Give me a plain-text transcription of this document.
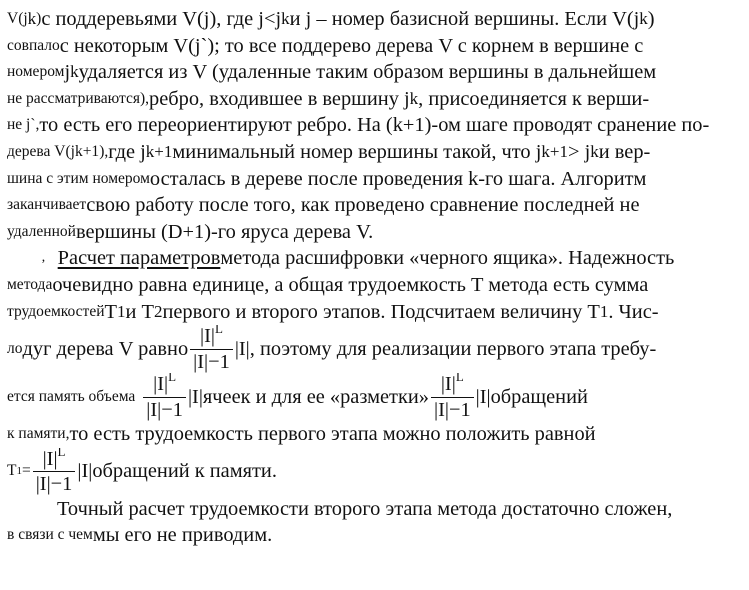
V(j k ) с поддеревьями V(j), где j<j k и j – номер базисной вершины. Если V(j k )
совпало с некоторым V(j`); то все поддерево дерева V с корнем в вершине с
номером j k удаляется из V (удаленные таким образом вершины в дальнейшем
не рассматриваются), ребро, входившее в вершину j k , присоединяется к верши-
не j`, то есть его переориентируют ребро. На (k+1)-ом шаге проводят сранение по-
дерева V(j k+1 ), где j k+1 минимальный номер вершины такой, что j k+1 > j k и вер-
шина с этим номером осталась в дереве после проведения k-го шага. Алгоритм
заканчивает свою работу после того, как проведено сравнение последней не
удаленной вершины (D+1)-го яруса дерева V.
‚ Расчет параметров метода расшифровки «черного ящика». Надежность
метода очевидно равна единице, а общая трудоемкость T метода есть сумма
трудоемкостей T 1 и T 2 первого и второго этапов. Подсчитаем величину T 1 . Чис-
ло дуг дерева V равно $\frac{|I|^L}{|I|-1} |I|$ , поэтому для реализации первого этапа требу-
ется память объема $\frac{|I|^L}{|I|-1} |I|$ ячеек и для ее «разметки» $\frac{|I|^L}{|I|-1} |I|$ обращений
к памяти, то есть трудоемкость первого этапа можно положить равной
T $1 = \frac{|I|^L}{|I|-1} |I|$ обращений к памяти.
Точный расчет трудоемкости второго этапа метода достаточно сложен,
в связи с чем мы его не приводим.
